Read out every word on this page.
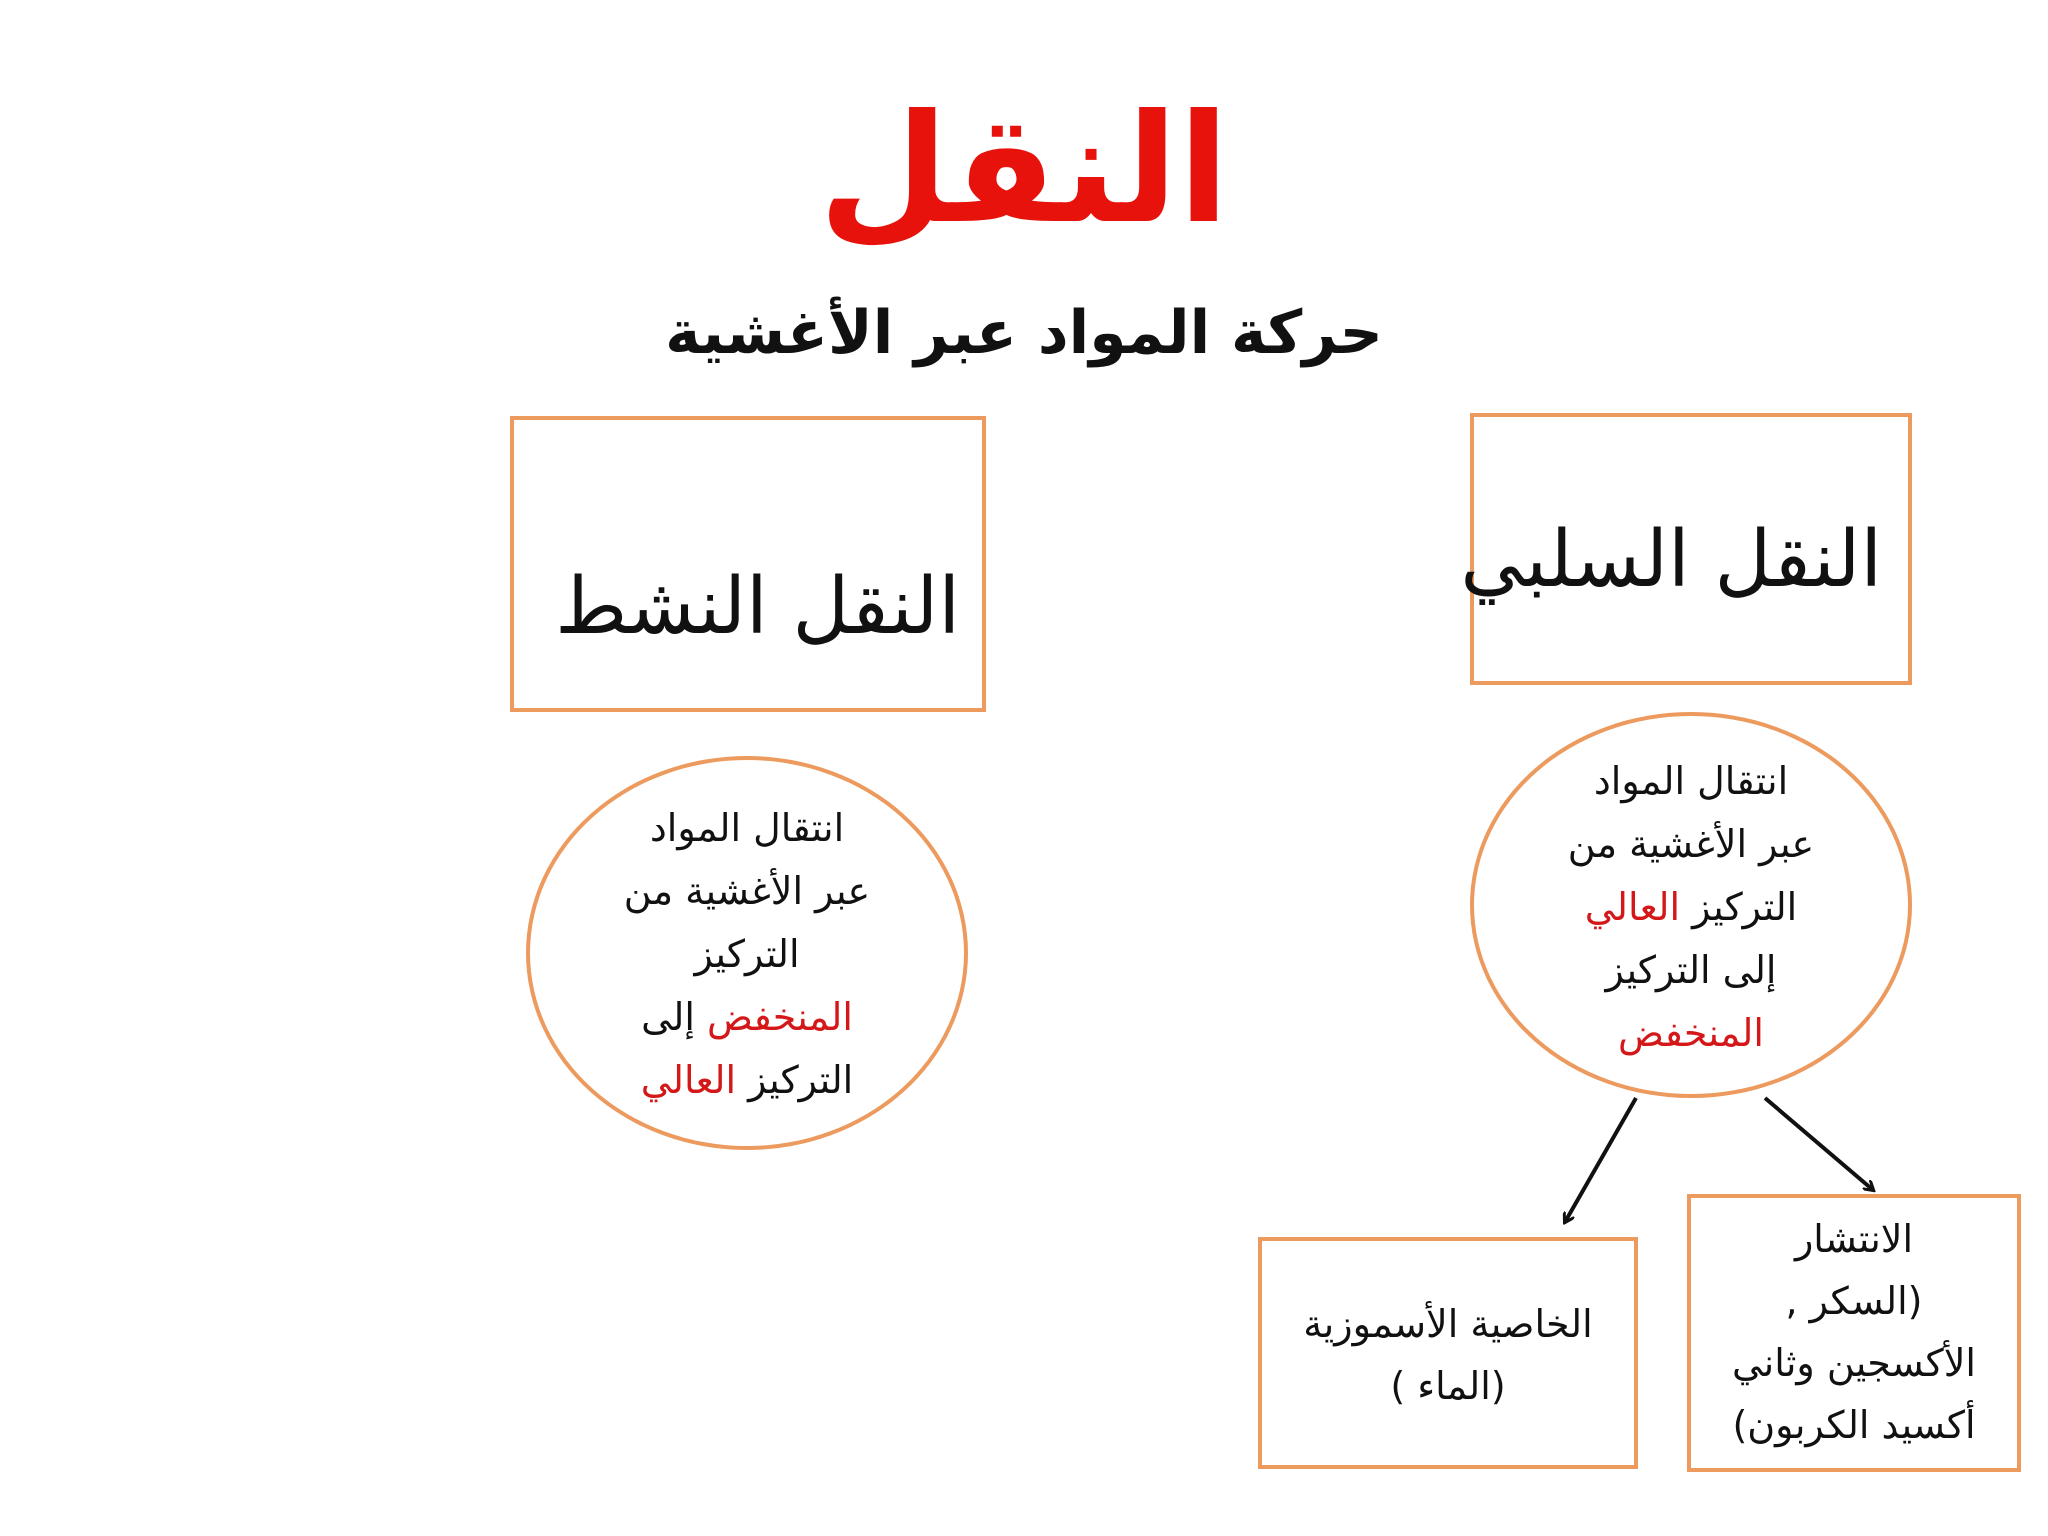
النقل
حركة المواد عبر الأغشية
النقل النشط
النقل السلبي
انتقال المواد
عبر الأغشية من
التركيز
المنخفض إلى
التركيز العالي
انتقال المواد
عبر الأغشية من
التركيز العالي
إلى التركيز
المنخفض
الخاصية الأسموزية
(الماء )
الانتشار
(السكر ,
الأكسجين وثاني
أكسيد الكربون)
